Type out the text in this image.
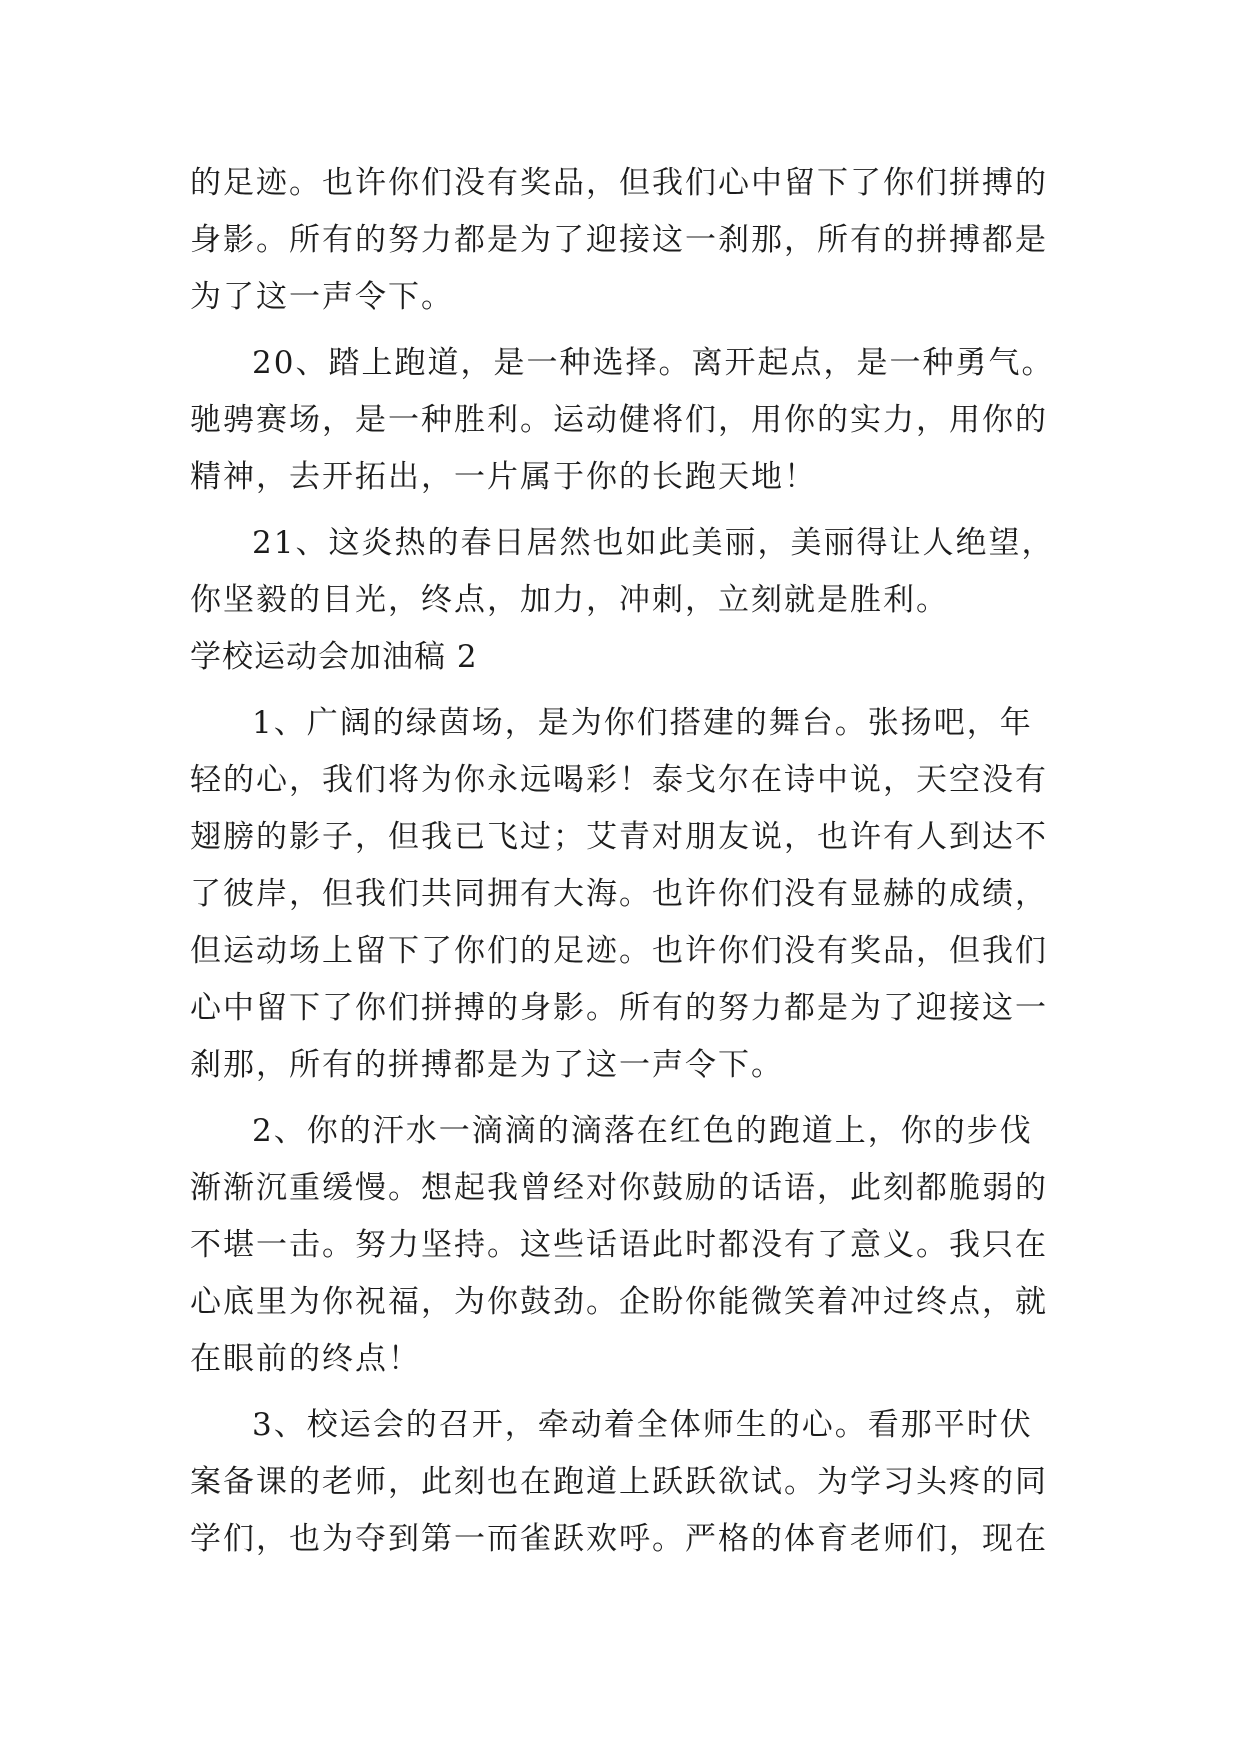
的足迹。也许你们没有奖品，但我们心中留下了你们拼搏的
身影。所有的努力都是为了迎接这一刹那，所有的拼搏都是
为了这一声令下。
20、踏上跑道，是一种选择。离开起点，是一种勇气。
驰骋赛场，是一种胜利。运动健将们，用你的实力，用你的
精神，去开拓出，一片属于你的长跑天地！
21、这炎热的春日居然也如此美丽，美丽得让人绝望，
你坚毅的目光，终点，加力，冲刺，立刻就是胜利。
学校运动会加油稿 2
1、广阔的绿茵场，是为你们搭建的舞台。张扬吧，年
轻的心，我们将为你永远喝彩！泰戈尔在诗中说，天空没有
翅膀的影子，但我已飞过；艾青对朋友说，也许有人到达不
了彼岸，但我们共同拥有大海。也许你们没有显赫的成绩，
但运动场上留下了你们的足迹。也许你们没有奖品，但我们
心中留下了你们拼搏的身影。所有的努力都是为了迎接这一
刹那，所有的拼搏都是为了这一声令下。
2、你的汗水一滴滴的滴落在红色的跑道上，你的步伐
渐渐沉重缓慢。想起我曾经对你鼓励的话语，此刻都脆弱的
不堪一击。努力坚持。这些话语此时都没有了意义。我只在
心底里为你祝福，为你鼓劲。企盼你能微笑着冲过终点，就
在眼前的终点！
3、校运会的召开，牵动着全体师生的心。看那平时伏
案备课的老师，此刻也在跑道上跃跃欲试。为学习头疼的同
学们，也为夺到第一而雀跃欢呼。严格的体育老师们，现在
